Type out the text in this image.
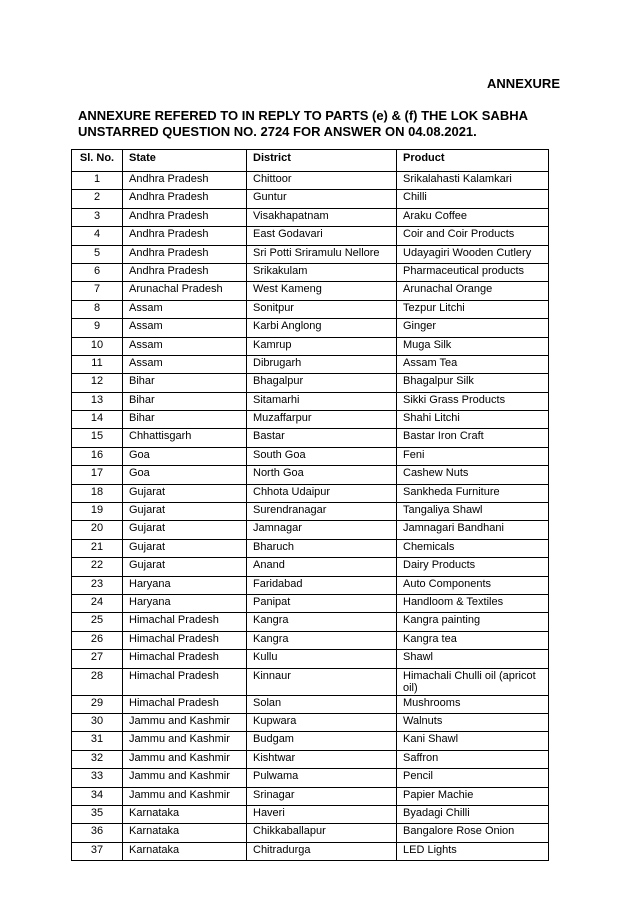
ANNEXURE
ANNEXURE REFERED TO IN REPLY TO PARTS (e) & (f) THE LOK SABHA
UNSTARRED QUESTION NO. 2724 FOR ANSWER ON 04.08.2021.
Sl. No.	State	District	Product
1	Andhra Pradesh	Chittoor	Srikalahasti Kalamkari
2	Andhra Pradesh	Guntur	Chilli
3	Andhra Pradesh	Visakhapatnam	Araku Coffee
4	Andhra Pradesh	East Godavari	Coir and Coir Products
5	Andhra Pradesh	Sri Potti Sriramulu Nellore	Udayagiri Wooden Cutlery
6	Andhra Pradesh	Srikakulam	Pharmaceutical products
7	Arunachal Pradesh	West Kameng	Arunachal Orange
8	Assam	Sonitpur	Tezpur Litchi
9	Assam	Karbi Anglong	Ginger
10	Assam	Kamrup	Muga Silk
11	Assam	Dibrugarh	Assam Tea
12	Bihar	Bhagalpur	Bhagalpur Silk
13	Bihar	Sitamarhi	Sikki Grass Products
14	Bihar	Muzaffarpur	Shahi Litchi
15	Chhattisgarh	Bastar	Bastar Iron Craft
16	Goa	South Goa	Feni
17	Goa	North Goa	Cashew Nuts
18	Gujarat	Chhota Udaipur	Sankheda Furniture
19	Gujarat	Surendranagar	Tangaliya Shawl
20	Gujarat	Jamnagar	Jamnagari Bandhani
21	Gujarat	Bharuch	Chemicals
22	Gujarat	Anand	Dairy Products
23	Haryana	Faridabad	Auto Components
24	Haryana	Panipat	Handloom & Textiles
25	Himachal Pradesh	Kangra	Kangra painting
26	Himachal Pradesh	Kangra	Kangra tea
27	Himachal Pradesh	Kullu	Shawl
28	Himachal Pradesh	Kinnaur	Himachali Chulli oil (apricot oil)
29	Himachal Pradesh	Solan	Mushrooms
30	Jammu and Kashmir	Kupwara	Walnuts
31	Jammu and Kashmir	Budgam	Kani Shawl
32	Jammu and Kashmir	Kishtwar	Saffron
33	Jammu and Kashmir	Pulwama	Pencil
34	Jammu and Kashmir	Srinagar	Papier Machie
35	Karnataka	Haveri	Byadagi Chilli
36	Karnataka	Chikkaballapur	Bangalore Rose Onion
37	Karnataka	Chitradurga	LED Lights
